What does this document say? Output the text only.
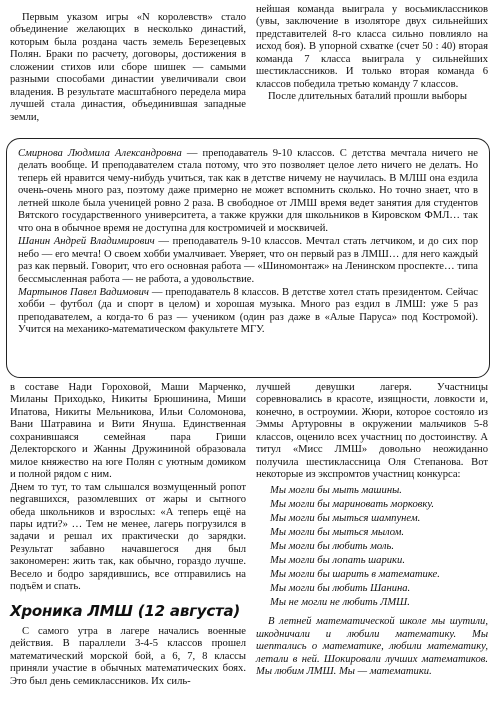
Первым указом игры «N королевств» стало объединение желающих в несколько династий, которым была роздана часть земель Березецевых Полян. Браки по расчету, договоры, достижения в сложении стихов или сборе шишек — самыми разными способами династии увеличивали свои владения. В результате масштабного передела мира лучшей стала династия, объединившая западные земли,

нейшая команда выиграла у восьмиклассников (увы, заключение в изоляторе двух сильнейших представителей 8-го класса сильно повлияло на исход боя). В упорной схватке (счет 50 : 40) вторая команда 7 класса выиграла у сильнейших шестиклассников. И только вторая команда 6 классов победила третью команду 7 классов.

После длительных баталий прошли выборы

Смирнова Людмила Александровна — преподаватель 9-10 классов. С детства мечтала ничего не делать вообще. И преподавателем стала потому, что это позволяет целое лето ничего не делать. Но теперь ей нравится чему-нибудь учиться, так как в детстве ничему не научилась. В МЛШ она ездила очень-очень много раз, поэтому даже примерно не может вспомнить сколько. Но точно знает, что в летней школе была ученицей ровно 2 раза. В свободное от ЛМШ время ведет занятия для студентов Вятского государственного университета, а также кружки для школьников в Кировском ФМЛ… так что она в обычное время не доступна для костромичей и москвичей.

Шанин Андрей Владимирович — преподаватель 9-10 классов. Мечтал стать летчиком, и до сих пор небо — его мечта! О своем хобби умалчивает. Уверяет, что он первый раз в ЛМШ… для него каждый раз как первый. Говорит, что его основная работа — «Шиномонтаж» на Ленинском проспекте… типа бессмысленная работа — не работа, а удовольствие.

Мартынов Павел Вадимович — преподаватель 8 классов. В детстве хотел стать президентом. Сейчас хобби – футбол (да и спорт в целом) и хорошая музыка. Много раз ездил в ЛМШ: уже 5 раз преподавателем, а когда-то 6 раз — учеником (один раз даже в «Алые Паруса» под Костромой). Учится на механико-математическом факультете МГУ.

в составе Нади Гороховой, Маши Марченко, Миланы Приходько, Никиты Брюшинина, Миши Ипатова, Никиты Мельникова, Ильи Соломонова, Вани Шатравина и Вити Януша. Единственная сохранившаяся семейная пара Гриши Делекторского и Жанны Дружининой образовала милое княжество на юге Полян с уютным домиком и полной рядом с ним.

Днем то тут, то там слышался возмущенный ропот negrавшихся, разомлевших от жары и сытного обеда школьников и взрослых: «А теперь ещё на пары идти?» … Тем не менее, лагерь погрузился в задачи и решал их практически до зарядки. Результат забавно начавшегося дня был закономерен: жить так, как обычно, гораздо лучше. Весело и бодро зарядившись, все отправились на подъём и спать.

Хроника ЛМШ (12 августа)

С самого утра в лагере начались военные действия. В параллели 3-4-5 классов прошел математический морской бой, а 6, 7, 8 классы приняли участие в обычных математических боях. Это был день семиклассников. Их силь-

лучшей девушки лагеря. Участницы соревновались в красоте, изящности, ловкости и, конечно, в остроумии. Жюри, которое состояло из Эммы Артуровны в окружении мальчиков 5-8 классов, оценило всех участниц по достоинству. А титул «Мисс ЛМШ» довольно неожиданно получила шестиклассница Оля Степанова. Вот некоторые из экспромтов участниц конкурса:

Мы могли бы мыть машины.
Мы могли бы мариновать морковку.
Мы могли бы мыться шампунем.
Мы могли бы мыться мылом.
Мы могли бы любить моль.
Мы могли бы лопать шарики.
Мы могли бы шарить в математике.
Мы могли бы любить Шанина.
Мы не могли не любить ЛМШ.

В летней математической школе мы шутили, шкодничали и любили математику. Мы шептались о математике, любили математику, летали в ней. Шокировали лучших математиков. Мы любим ЛМШ. Мы — математики.
